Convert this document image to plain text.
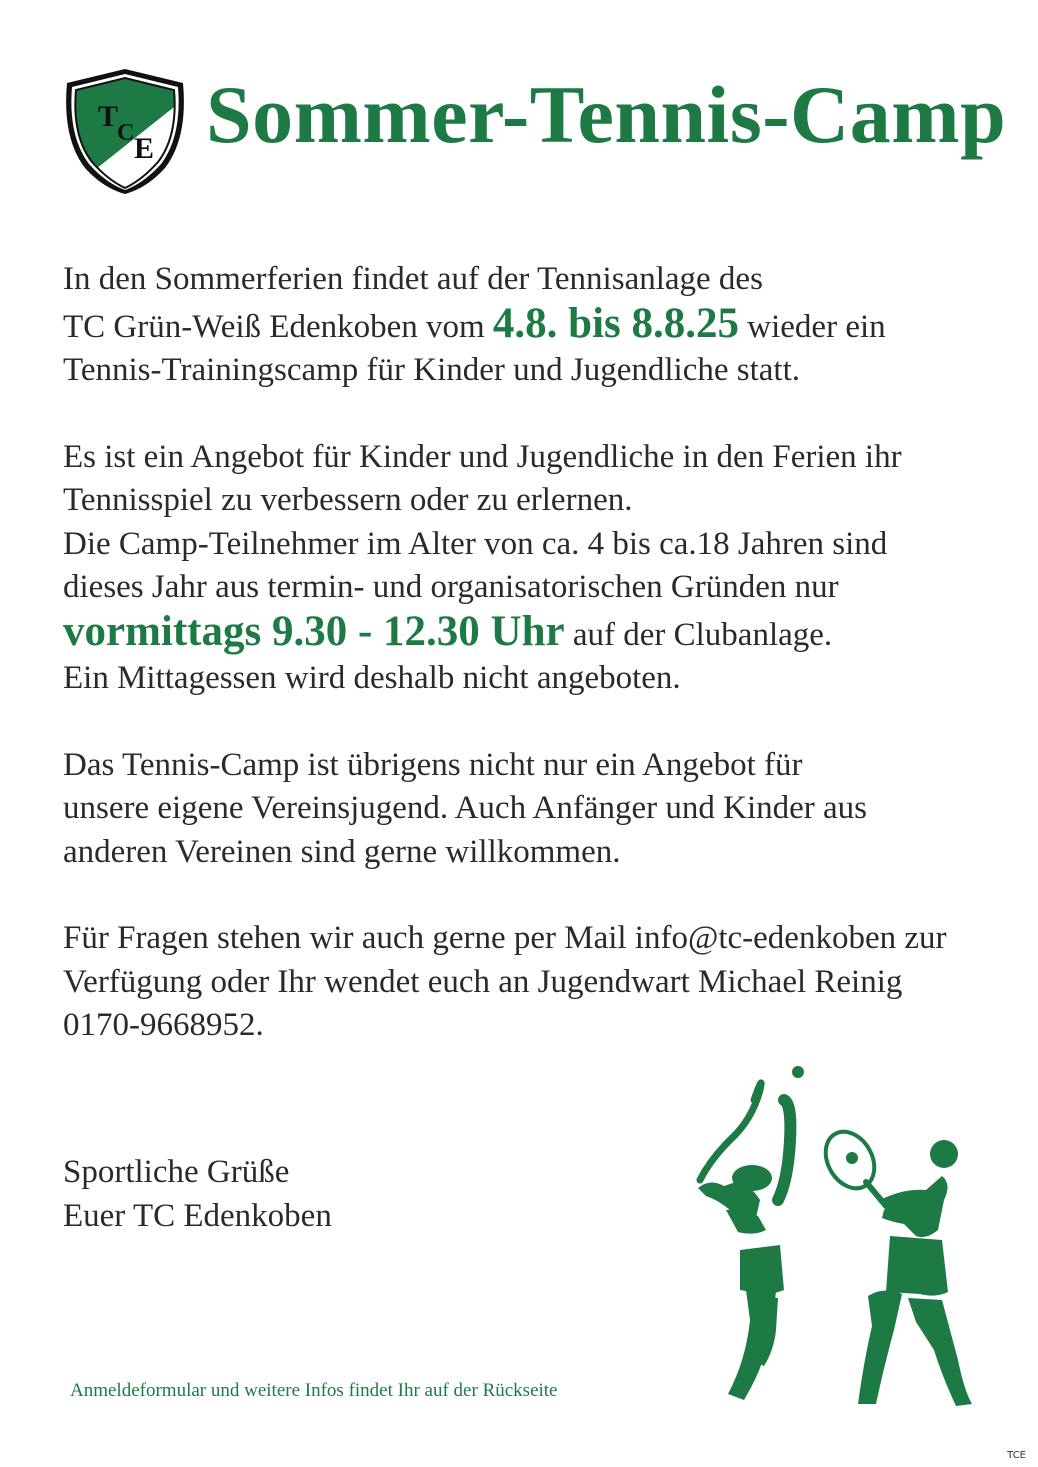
T
C E Sommer-Tennis-Camp

In den Sommerferien findet auf der Tennisanlage des

TC Grün-Weiß Edenkoben vom 4.8. bis 8.8.25 wieder ein

Tennis-Trainingscamp für Kinder und Jugendliche statt.

Es ist ein Angebot für Kinder und Jugendliche in den Ferien ihr

Tennisspiel zu verbessern oder zu erlernen.

Die Camp-Teilnehmer im Alter von ca. 4 bis ca.18 Jahren sind

dieses Jahr aus termin- und organisatorischen Gründen nur

vormittags 9.30 - 12.30 Uhr auf der Clubanlage.

Ein Mittagessen wird deshalb nicht angeboten.

Das Tennis-Camp ist übrigens nicht nur ein Angebot für

unsere eigene Vereinsjugend. Auch Anfänger und Kinder aus

anderen Vereinen sind gerne willkommen.

Für Fragen stehen wir auch gerne per Mail info@tc-edenkoben zur

Verfügung oder Ihr wendet euch an Jugendwart Michael Reinig

0170-9668952.

Sportliche Grüße

Euer TC Edenkoben

Anmeldeformular und weitere Infos findet Ihr auf der Rückseite
TCE
